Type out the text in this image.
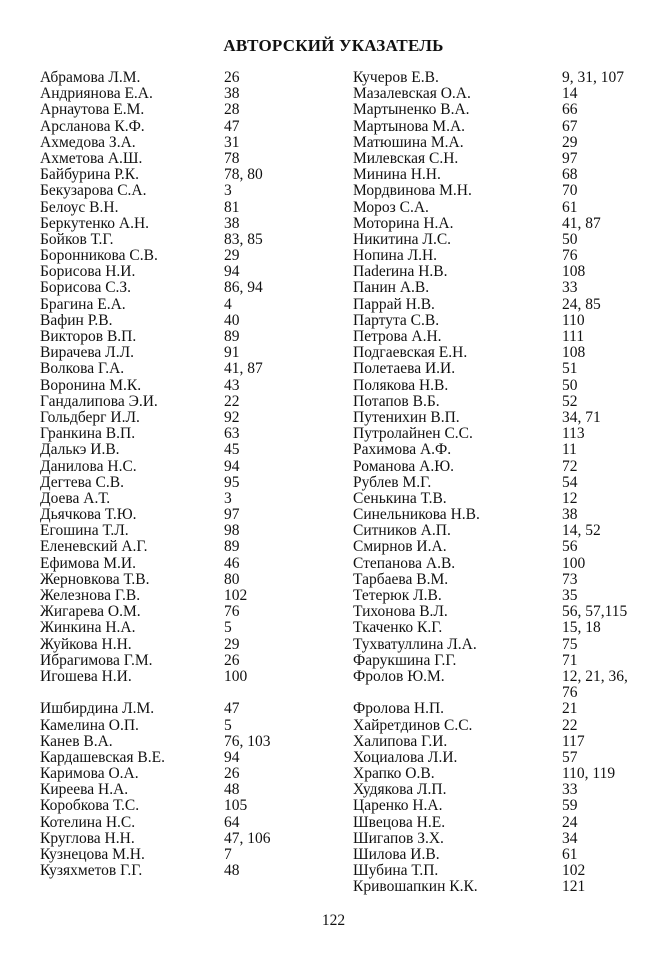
АВТОРСКИЙ УКАЗАТЕЛЬ
Абрамова Л.М.	26
Андриянова Е.А.	38
Арнаутова Е.М.	28
Арсланова К.Ф.	47
Ахмедова З.А.	31
Ахметова А.Ш.	78
Байбурина Р.К.	78, 80
Бекузарова С.А.	3
Белоус В.Н.	81
Беркутенко А.Н.	38
Бойков Т.Г.	83, 85
Боронникова С.В.	29
Борисова Н.И.	94
Борисова С.З.	86, 94
Брагина Е.А.	4
Вафин Р.В.	40
Викторов В.П.	89
Вирачева Л.Л.	91
Волкова Г.А.	41, 87
Воронина М.К.	43
Гандалипова Э.И.	22
Гольдберг И.Л.	92
Гранкина В.П.	63
Далькэ И.В.	45
Данилова Н.С.	94
Дегтева С.В.	95
Доева А.Т.	3
Дьячкова Т.Ю.	97
Егошина Т.Л.	98
Еленевский А.Г.	89
Ефимова М.И.	46
Жерновкова Т.В.	80
Железнова Г.В.	102
Жигарева О.М.	76
Жинкина Н.А.	5
Жуйкова Н.Н.	29
Ибрагимова Г.М.	26
Игошева Н.И.	100
Ишбирдина Л.М.	47
Камелина О.П.	5
Канев В.А.	76, 103
Кардашевская В.Е.	94
Каримова О.А.	26
Киреева Н.А.	48
Коробкова Т.С.	105
Котелина Н.С.	64
Круглова Н.Н.	47, 106
Кузнецова М.Н.	7
Кузяхметов Г.Г.	48
Кучеров Е.В.	9, 31, 107
Мазалевская О.А.	14
Мартыненко В.А.	66
Мартынова М.А.	67
Матюшина М.А.	29
Милевская С.Н.	97
Минина Н.Н.	68
Мордвинова М.Н.	70
Мороз С.А.	61
Моторина Н.А.	41, 87
Никитина Л.С.	50
Нопина Л.Н.	76
Паderина Н.В.	108
Панин А.В.	33
Паррай Н.В.	24, 85
Партута С.В.	110
Петрова А.Н.	111
Подгаевская Е.Н.	108
Полетаева И.И.	51
Полякова Н.В.	50
Потапов В.Б.	52
Путенихин В.П.	34, 71
Путролайнен С.С.	113
Рахимова А.Ф.	11
Романова А.Ю.	72
Рублев М.Г.	54
Сенькина Т.В.	12
Синельникова Н.В.	38
Ситников А.П.	14, 52
Смирнов И.А.	56
Степанова А.В.	100
Тарбаева В.М.	73
Тетерюк Л.В.	35
Тихонова В.Л.	56, 57,115
Ткаченко К.Г.	15, 18
Тухватуллина Л.А.	75
Фарукшина Г.Г.	71
Фролов Ю.М.	12, 21, 36,
76
Фролова Н.П.	21
Хайретдинов С.С.	22
Халипова Г.И.	117
Хоциалова Л.И.	57
Храпко О.В.	110, 119
Худякова Л.П.	33
Царенко Н.А.	59
Швецова Н.Е.	24
Шигапов З.Х.	34
Шилова И.В.	61
Шубина Т.П.	102
Кривошапкин К.К.	121
122
